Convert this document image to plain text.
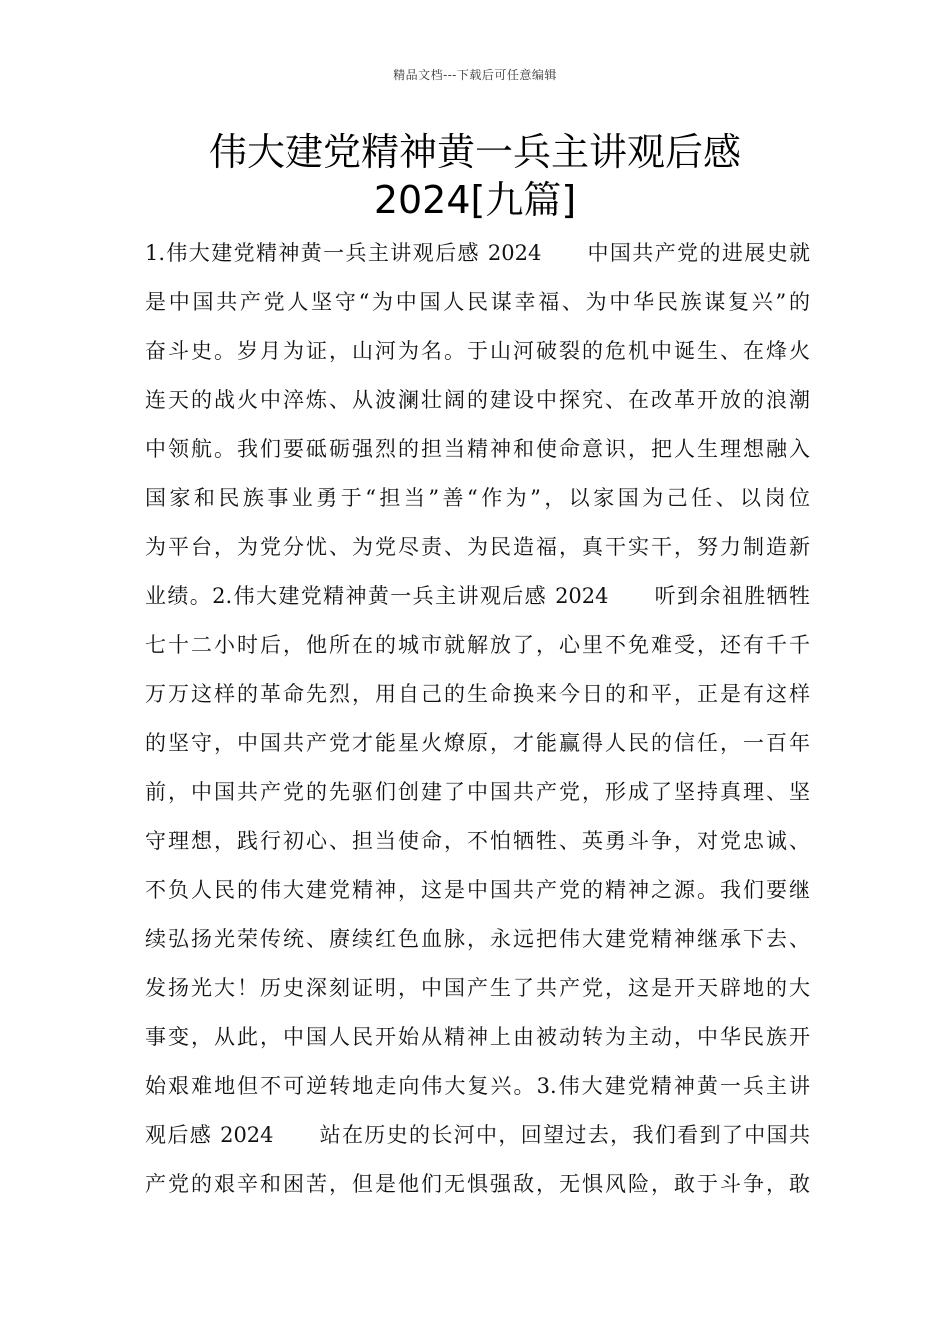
精品文档---下载后可任意编辑
伟大建党精神黄一兵主讲观后感
2024[九篇]
1.伟大建党精神黄一兵主讲观后感 2024　　中国共产党的进展史就
是中国共产党人坚守“为中国人民谋幸福、为中华民族谋复兴”的
奋斗史。岁月为证，山河为名。于山河破裂的危机中诞生、在烽火
连天的战火中淬炼、从波澜壮阔的建设中探究、在改革开放的浪潮
中领航。我们要砥砺强烈的担当精神和使命意识，把人生理想融入
国家和民族事业勇于“担当”善“作为”，以家国为己任、以岗位
为平台，为党分忧、为党尽责、为民造福，真干实干，努力制造新
业绩。2.伟大建党精神黄一兵主讲观后感 2024　　听到余祖胜牺牲
七十二小时后，他所在的城市就解放了，心里不免难受，还有千千
万万这样的革命先烈，用自己的生命换来今日的和平，正是有这样
的坚守，中国共产党才能星火燎原，才能赢得人民的信任，一百年
前，中国共产党的先驱们创建了中国共产党，形成了坚持真理、坚
守理想，践行初心、担当使命，不怕牺牲、英勇斗争，对党忠诚、
不负人民的伟大建党精神，这是中国共产党的精神之源。我们要继
续弘扬光荣传统、赓续红色血脉，永远把伟大建党精神继承下去、
发扬光大！历史深刻证明，中国产生了共产党，这是开天辟地的大
事变，从此，中国人民开始从精神上由被动转为主动，中华民族开
始艰难地但不可逆转地走向伟大复兴。3.伟大建党精神黄一兵主讲
观后感 2024　　站在历史的长河中，回望过去，我们看到了中国共
产党的艰辛和困苦，但是他们无惧强敌，无惧风险，敢于斗争，敢
